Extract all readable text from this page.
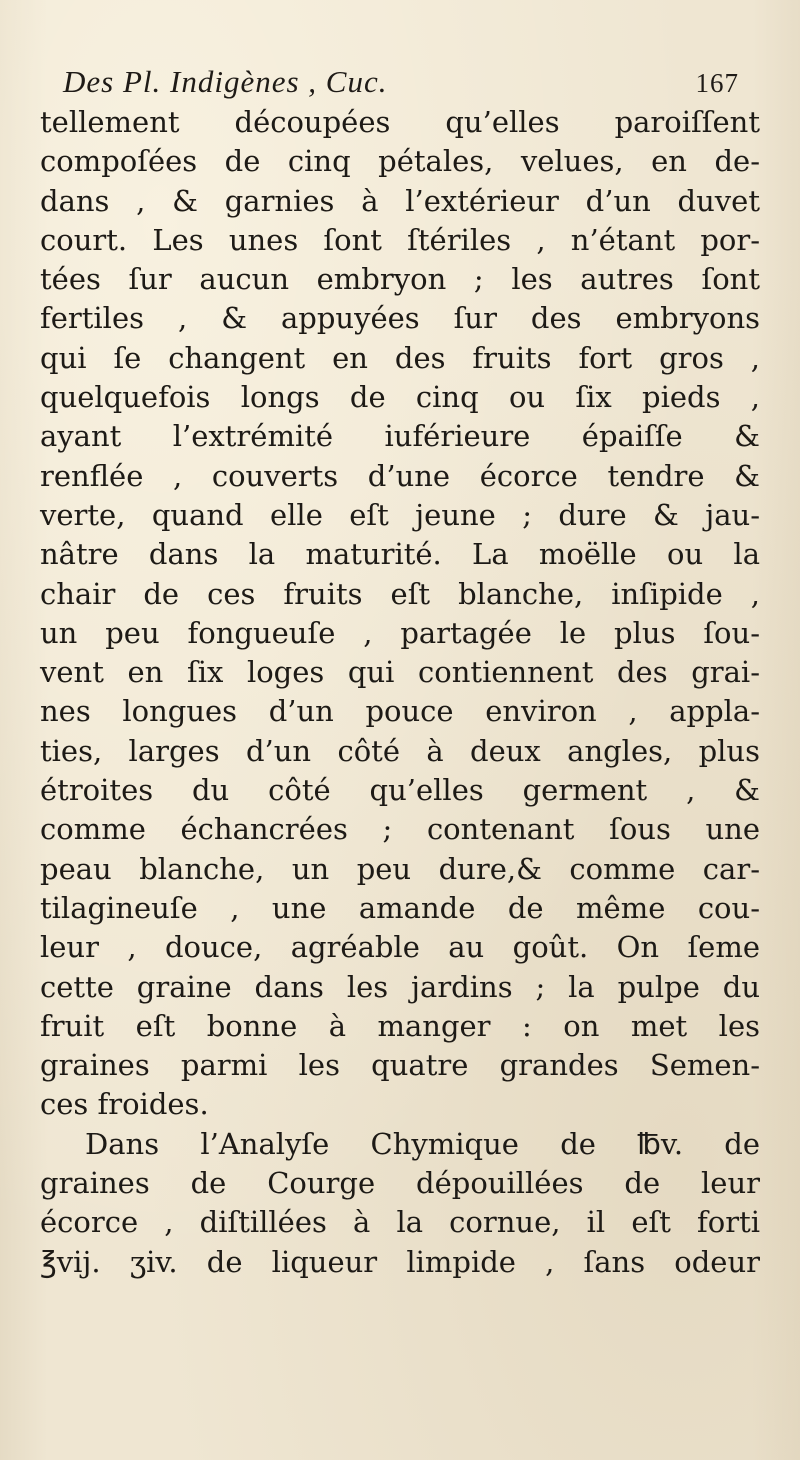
Des Pl. Indigènes , Cuc.	167
tellement découpées qu’elles paroiſſent
compoſées de cinq pétales, velues, en de-
dans , & garnies à l’extérieur d’un duvet
court. Les unes ſont ſtériles , n’étant por-
tées ſur aucun embryon ; les autres ſont
fertiles , & appuyées ſur des embryons
qui ſe changent en des fruits fort gros ,
quelquefois longs de cinq ou ſix pieds ,
ayant l’extrémité iuférieure épaiſſe &
renflée , couverts d’une écorce tendre &
verte, quand elle eſt jeune ; dure & jau-
nâtre dans la maturité. La moëlle ou la
chair de ces fruits eſt blanche, inſipide ,
un peu fongueuſe , partagée le plus ſou-
vent en ſix loges qui contiennent des grai-
nes longues d’un pouce environ , appla-
ties, larges d’un côté à deux angles, plus
étroites du côté qu’elles germent , &
comme échancrées ; contenant ſous une
peau blanche, un peu dure,& comme car-
tilagineuſe , une amande de même cou-
leur , douce, agréable au goût. On ſeme
cette graine dans les jardins ; la pulpe du
fruit eſt bonne à manger : on met les
graines parmi les quatre grandes Semen-
ces froides.
Dans l’Analyſe Chymique de ℔v. de
graines de Courge dépouillées de leur
écorce , diſtillées à la cornue, il eſt forti
℥vij. ʒiv. de liqueur limpide , ſans odeur
